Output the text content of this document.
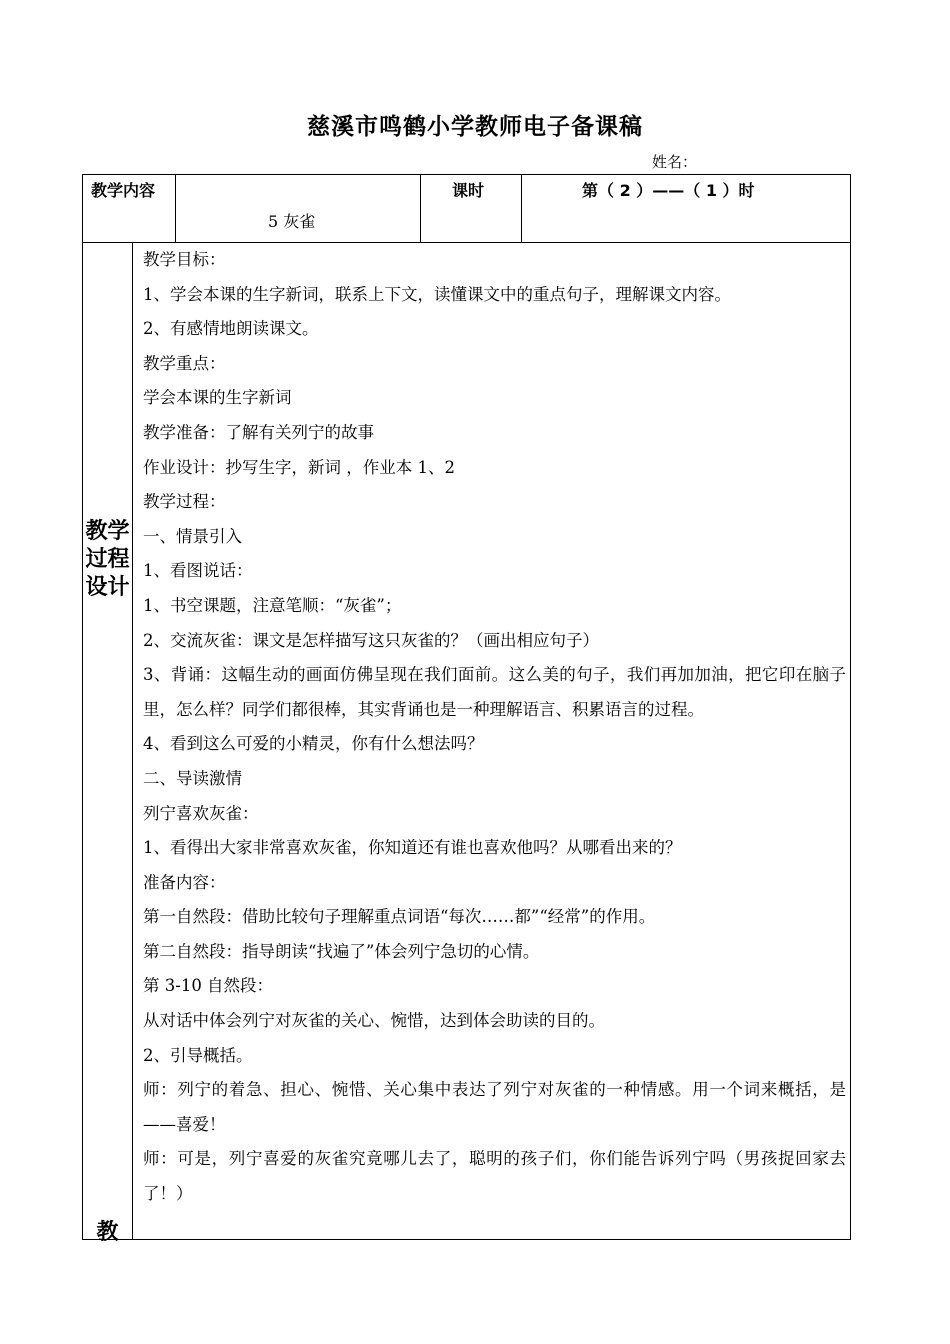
慈溪市鸣鹤小学教师电子备课稿
姓名：
教学内容
5 灰雀
课时	第（ 2 ）——（ 1 ）时
教学过程设计
教

教学目标：

1、学会本课的生字新词，联系上下文，读懂课文中的重点句子，理解课文内容。

2、有感情地朗读课文。

教学重点：

学会本课的生字新词

教学准备：了解有关列宁的故事

作业设计：抄写生字，新词 ，作业本 1、2

教学过程：

一、情景引入

1、看图说话：

1、书空课题，注意笔顺：“灰雀”；

2、交流灰雀：课文是怎样描写这只灰雀的？（画出相应句子）

3、背诵：这幅生动的画面仿佛呈现在我们面前。这么美的句子，我们再加加油，把它印在脑子里，怎么样？同学们都很棒，其实背诵也是一种理解语言、积累语言的过程。

4、看到这么可爱的小精灵，你有什么想法吗？

二、导读激情

列宁喜欢灰雀：

1、看得出大家非常喜欢灰雀，你知道还有谁也喜欢他吗？从哪看出来的？

准备内容：

第一自然段：借助比较句子理解重点词语“每次……都”“经常”的作用。

第二自然段：指导朗读“找遍了”体会列宁急切的心情。

第 3-10 自然段：

从对话中体会列宁对灰雀的关心、惋惜，达到体会助读的目的。

2、引导概括。

师：列宁的着急、担心、惋惜、关心集中表达了列宁对灰雀的一种情感。用一个词来概括，是——喜爱！

师：可是，列宁喜爱的灰雀究竟哪儿去了，聪明的孩子们，你们能告诉列宁吗（男孩捉回家去了！）
